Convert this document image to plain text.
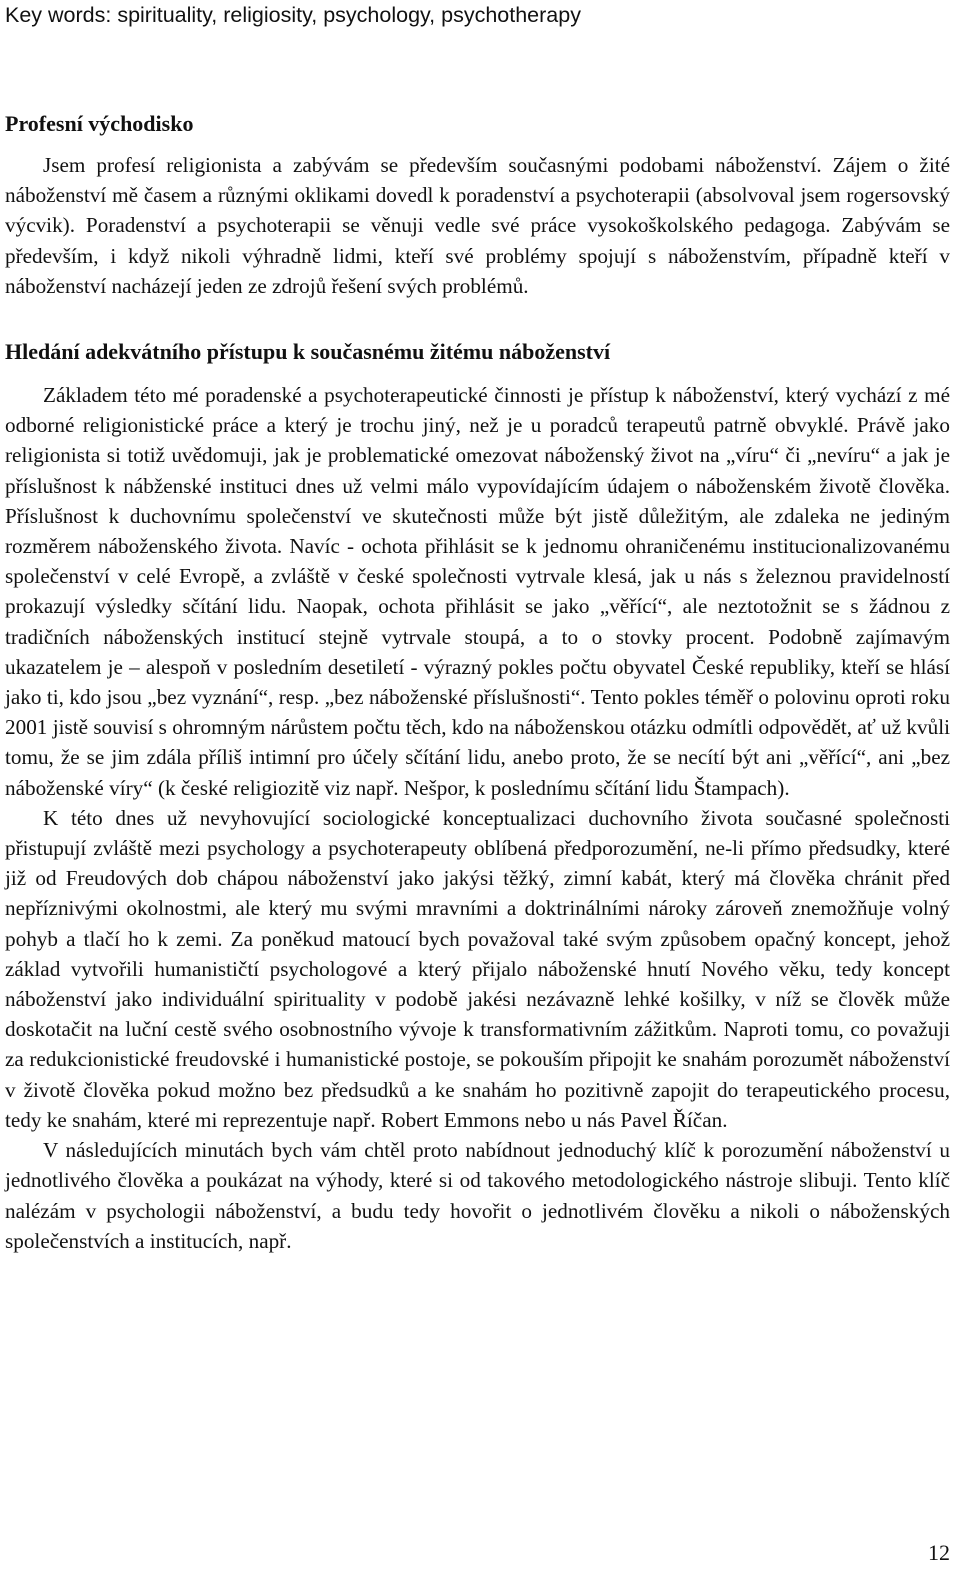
Key words: spirituality, religiosity, psychology, psychotherapy
Profesní východisko

Jsem profesí religionista a zabývám se především současnými podobami náboženství. Zájem o žité náboženství mě časem a různými oklikami dovedl k poradenství a psychoterapii (absolvoval jsem rogersovský výcvik). Poradenství a psychoterapii se věnuji vedle své práce vysokoškolského pedagoga. Zabývám se především, i když nikoli výhradně lidmi, kteří své problémy spojují s náboženstvím, případně kteří v náboženství nacházejí jeden ze zdrojů řešení svých problémů.

Hledání adekvátního přístupu k současnému žitému náboženství

Základem této mé poradenské a psychoterapeutické činnosti je přístup k náboženství, který vychází z mé odborné religionistické práce a který je trochu jiný, než je u poradců terapeutů patrně obvyklé. Právě jako religionista si totiž uvědomuji, jak je problematické omezovat náboženský život na „víru“ či „nevíru“ a jak je příslušnost k nábženské instituci dnes už velmi málo vypovídajícím údajem o náboženském životě člověka. Příslušnost k duchovnímu společenství ve skutečnosti může být jistě důležitým, ale zdaleka ne jediným rozměrem náboženského života. Navíc - ochota přihlásit se k jednomu ohraničenému institucionalizovanému společenství v celé Evropě, a zvláště v české společnosti vytrvale klesá, jak u nás s železnou pravidelností prokazují výsledky sčítání lidu. Naopak, ochota přihlásit se jako „věřící“, ale neztotožnit se s žádnou z tradičních náboženských institucí stejně vytrvale stoupá, a to o stovky procent. Podobně zajímavým ukazatelem je – alespoň v posledním desetiletí - výrazný pokles počtu obyvatel České republiky, kteří se hlásí jako ti, kdo jsou „bez vyznání“, resp. „bez náboženské příslušnosti“. Tento pokles téměř o polovinu oproti roku 2001 jistě souvisí s ohromným nárůstem počtu těch, kdo na náboženskou otázku odmítli odpovědět, ať už kvůli tomu, že se jim zdála příliš intimní pro účely sčítání lidu, anebo proto, že se necítí být ani „věřící“, ani „bez náboženské víry“ (k české religiozitě viz např. Nešpor, k poslednímu sčítání lidu Štampach).

K této dnes už nevyhovující sociologické konceptualizaci duchovního života současné společnosti přistupují zvláště mezi psychology a psychoterapeuty oblíbená předporozumění, ne-li přímo předsudky, které již od Freudových dob chápou náboženství jako jakýsi těžký, zimní kabát, který má člověka chránit před nepříznivými okolnostmi, ale který mu svými mravními a doktrinálními nároky zároveň znemožňuje volný pohyb a tlačí ho k zemi. Za poněkud matoucí bych považoval také svým způsobem opačný koncept, jehož základ vytvořili humanističtí psychologové a který přijalo náboženské hnutí Nového věku, tedy koncept náboženství jako individuální spirituality v podobě jakési nezávazně lehké košilky, v níž se člověk může doskotačit na luční cestě svého osobnostního vývoje k transformativním zážitkům. Naproti tomu, co považuji za redukcionistické freudovské i humanistické postoje, se pokouším připojit ke snahám porozumět náboženství v životě člověka pokud možno bez předsudků a ke snahám ho pozitivně zapojit do terapeutického procesu, tedy ke snahám, které mi reprezentuje např. Robert Emmons nebo u nás Pavel Říčan.

V následujících minutách bych vám chtěl proto nabídnout jednoduchý klíč k porozumění náboženství u jednotlivého člověka a poukázat na výhody, které si od takového metodologického nástroje slibuji. Tento klíč nalézám v psychologii náboženství, a budu tedy hovořit o jednotlivém člověku a nikoli o náboženských společenstvích a institucích, např.

12
